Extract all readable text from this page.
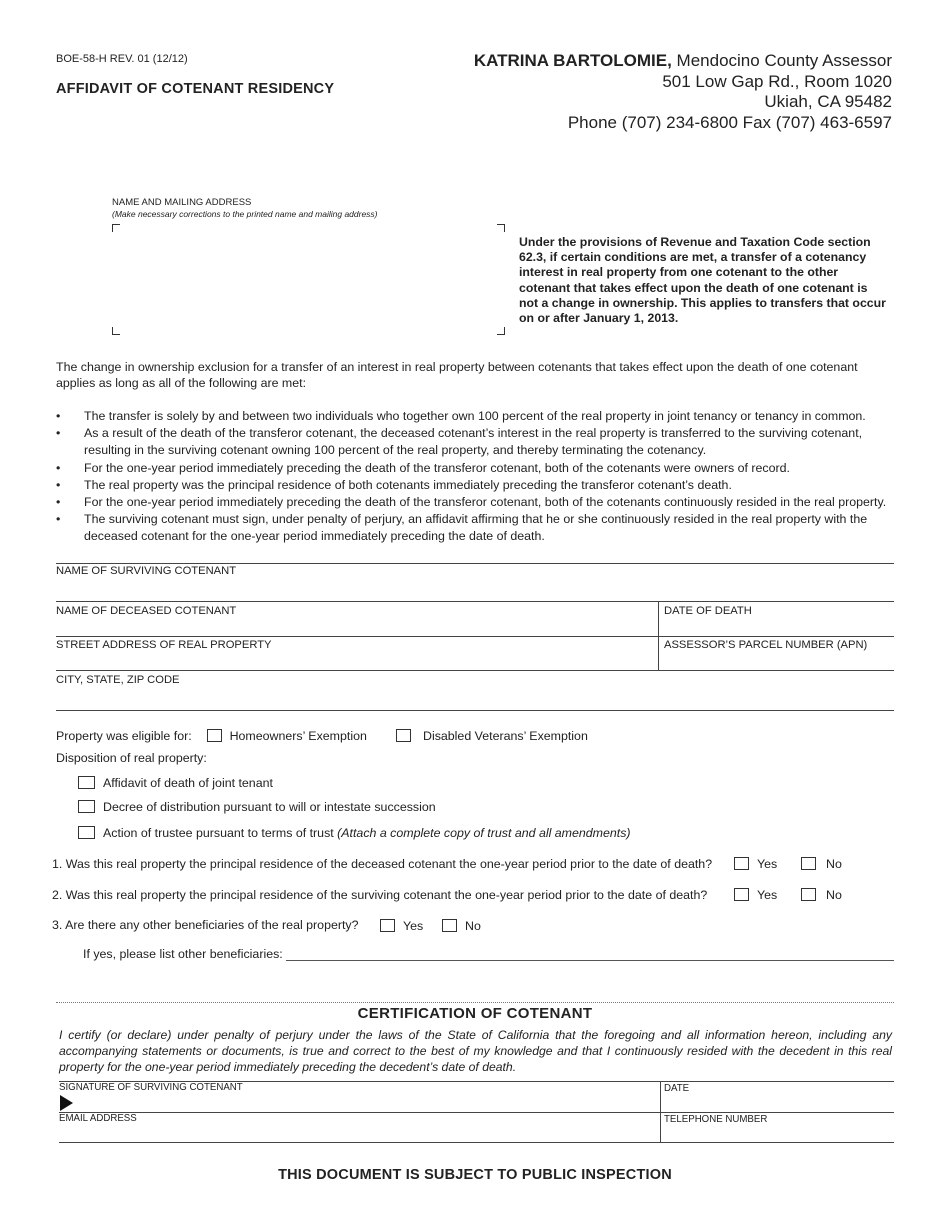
BOE-58-H REV. 01 (12/12)
AFFIDAVIT OF COTENANT RESIDENCY
KATRINA BARTOLOMIE, Mendocino County Assessor
501 Low Gap Rd., Room 1020
Ukiah, CA 95482
Phone (707) 234-6800 Fax (707) 463-6597
NAME AND MAILING ADDRESS
(Make necessary corrections to the printed name and mailing address)
Under the provisions of Revenue and Taxation Code section 62.3, if certain conditions are met, a transfer of a cotenancy interest in real property from one cotenant to the other cotenant that takes effect upon the death of one cotenant is not a change in ownership. This applies to transfers that occur on or after January 1, 2013.
The change in ownership exclusion for a transfer of an interest in real property between cotenants that takes effect upon the death of one cotenant applies as long as all of the following are met:
• The transfer is solely by and between two individuals who together own 100 percent of the real property in joint tenancy or tenancy in common.
• As a result of the death of the transferor cotenant, the deceased cotenant’s interest in the real property is transferred to the surviving cotenant, resulting in the surviving cotenant owning 100 percent of the real property, and thereby terminating the cotenancy.
• For the one-year period immediately preceding the death of the transferor cotenant, both of the cotenants were owners of record.
• The real property was the principal residence of both cotenants immediately preceding the transferor cotenant’s death.
• For the one-year period immediately preceding the death of the transferor cotenant, both of the cotenants continuously resided in the real property.
• The surviving cotenant must sign, under penalty of perjury, an affidavit affirming that he or she continuously resided in the real property with the deceased cotenant for the one-year period immediately preceding the date of death.
NAME OF SURVIVING COTENANT
NAME OF DECEASED COTENANT	DATE OF DEATH
STREET ADDRESS OF REAL PROPERTY	ASSESSOR’S PARCEL NUMBER (APN)
CITY, STATE, ZIP CODE
Property was eligible for:	Homeowners’ Exemption	Disabled Veterans’ Exemption
Disposition of real property:
Affidavit of death of joint tenant
Decree of distribution pursuant to will or intestate succession
Action of trustee pursuant to terms of trust (Attach a complete copy of trust and all amendments)
1. Was this real property the principal residence of the deceased cotenant the one-year period prior to the date of death?	Yes	No
2. Was this real property the principal residence of the surviving cotenant the one-year period prior to the date of death?	Yes	No
3. Are there any other beneficiaries of the real property?	Yes	No
If yes, please list other beneficiaries:
CERTIFICATION OF COTENANT
I certify (or declare) under penalty of perjury under the laws of the State of California that the foregoing and all information hereon, including any accompanying statements or documents, is true and correct to the best of my knowledge and that I continuously resided with the decedent in this real property for the one-year period immediately preceding the decedent’s date of death.
SIGNATURE OF SURVIVING COTENANT	DATE
EMAIL ADDRESS	TELEPHONE NUMBER
THIS DOCUMENT IS SUBJECT TO PUBLIC INSPECTION
